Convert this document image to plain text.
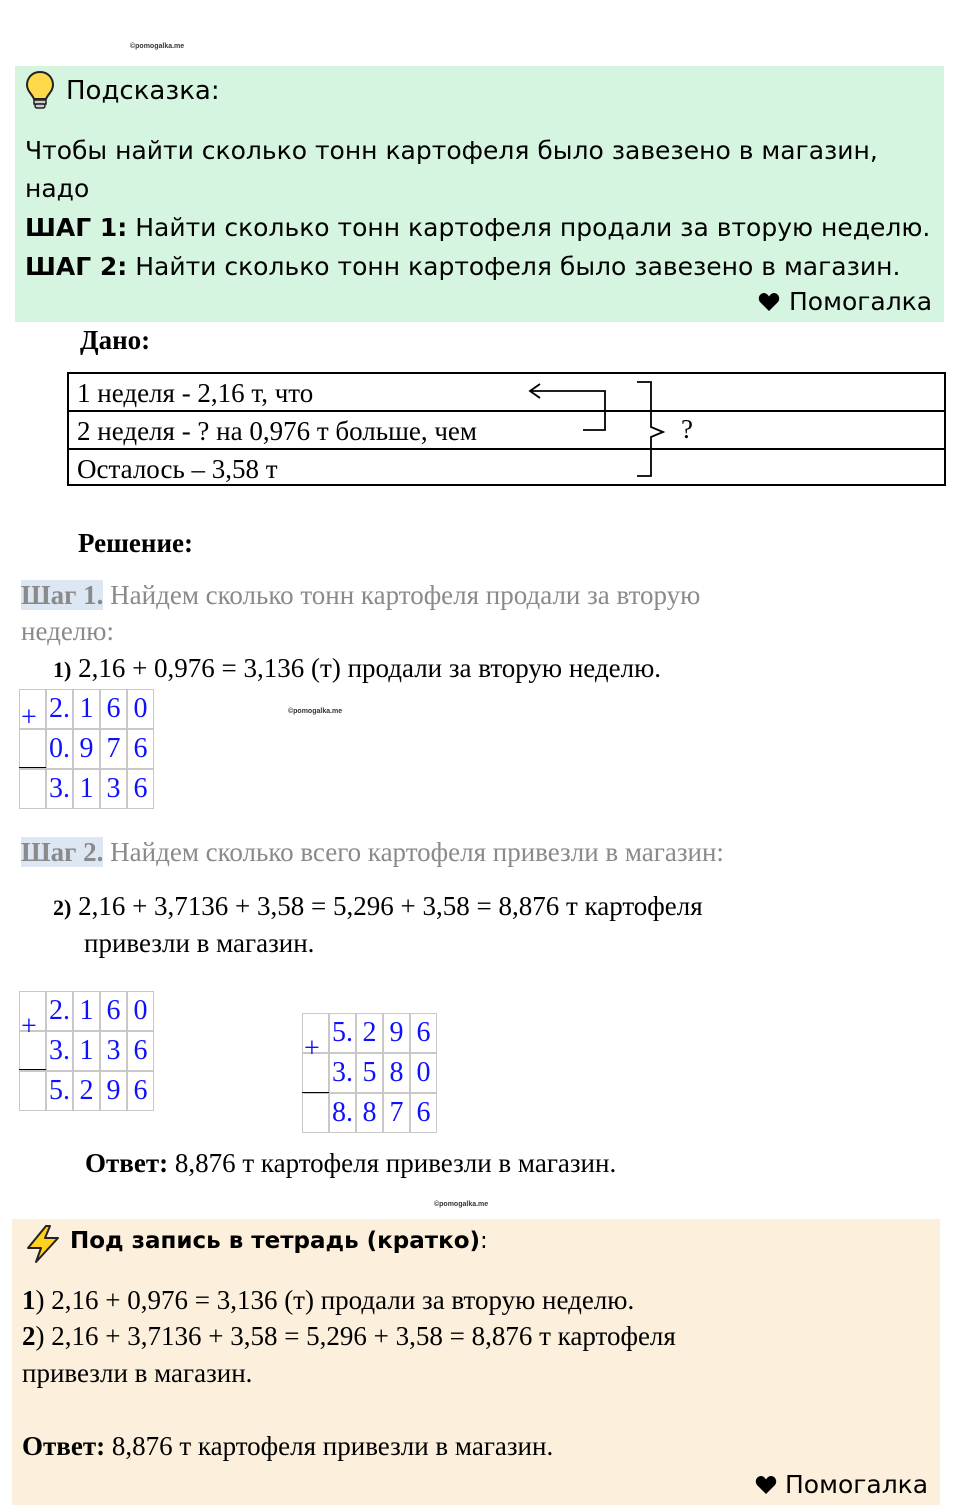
©pomogalka.me
Подсказка:
Чтобы найти сколько тонн картофеля было завезено в магазин,
надо
ШАГ 1: Найти сколько тонн картофеля продали за вторую неделю.
ШАГ 2: Найти сколько тонн картофеля было завезено в магазин.
Помогалка
Дано:
1 неделя - 2,16 т, что
2 неделя - ? на 0,976 т больше, чем
Осталось – 3,58 т
?
Решение:
Шаг 1. Найдем сколько тонн картофеля продали за вторую
неделю:
1) 2,16 + 0,976 = 3,136 (т) продали за вторую неделю.
+ 2. 1 6 0
0. 9 7 6
3. 1 3 6
©pomogalka.me
Шаг 2. Найдем сколько всего картофеля привезли в магазин:
2) 2,16 + 3,7136 + 3,58 = 5,296 + 3,58 = 8,876 т картофеля
привезли в магазин.
+
2. 1 6 0
3. 1 3 6
5. 2 9 6
+
5. 2 9 6
3. 5 8 0
8. 8 7 6
Ответ: 8,876 т картофеля привезли в магазин.
©pomogalka.me
Под запись в тетрадь (кратко):
1) 2,16 + 0,976 = 3,136 (т) продали за вторую неделю.
2) 2,16 + 3,7136 + 3,58 = 5,296 + 3,58 = 8,876 т картофеля
привезли в магазин.
Ответ: 8,876 т картофеля привезли в магазин.
Помогалка
